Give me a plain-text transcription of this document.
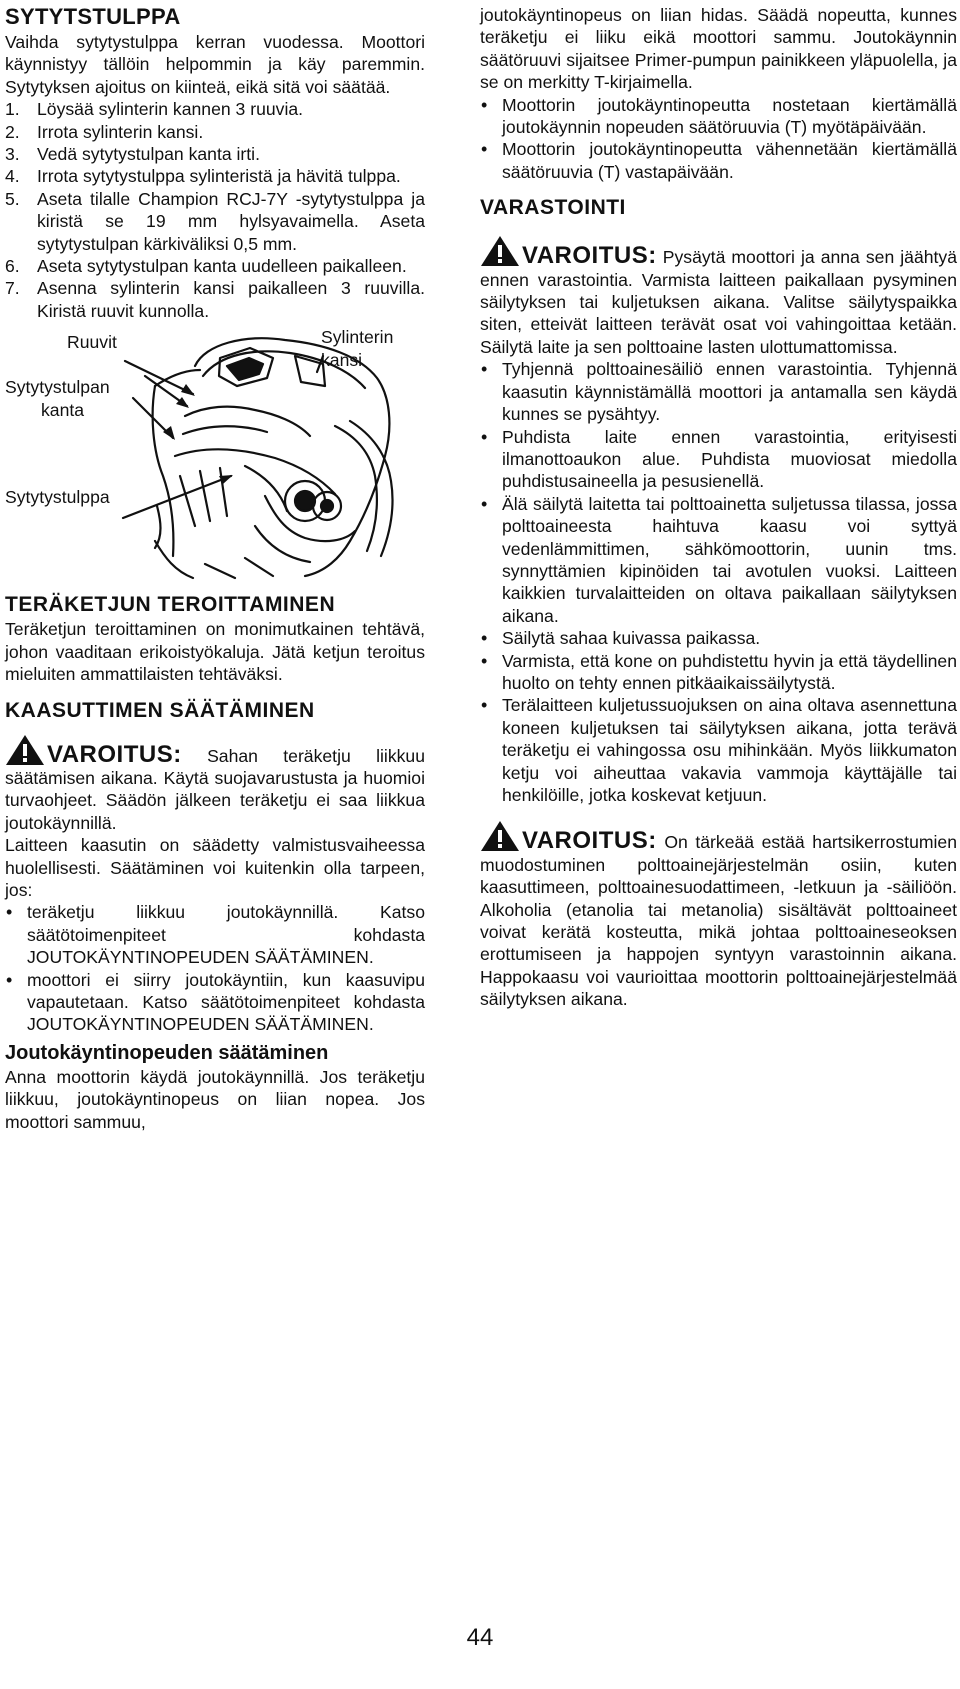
SYTYTSTULPPA

Vaihda sytytystulppa kerran vuodessa. Moottori käynnistyy tällöin helpommin ja käy paremmin. Sytytyksen ajoitus on kiinteä, eikä sitä voi säätää.

1. Löysää sylinterin kannen 3 ruuvia.
2. Irrota sylinterin kansi.
3. Vedä sytytystulpan kanta irti.
4. Irrota sytytystulppa sylinteristä ja hävitä tulppa.
5. Aseta tilalle Champion RCJ-7Y -sytytystulppa ja kiristä se 19 mm hylsyavaimella. Aseta sytytystulpan kärkiväliksi 0,5 mm.
6. Aseta sytytystulpan kanta uudelleen paikalleen.
7. Asenna sylinterin kansi paikalleen 3 ruuvilla. Kiristä ruuvit kunnolla.
Ruuvit	Sylinterin
kansi
Sytytystulpan
kanta
Sytytystulppa
TERÄKETJUN TEROITTAMINEN

Teräketjun teroittaminen on monimutkainen tehtävä, johon vaaditaan erikoistyökaluja. Jätä ketjun teroitus mieluiten ammattilaisten tehtäväksi.

KAASUTTIMEN SÄÄTÄMINEN

VAROITUS: Sahan teräketju liikkuu säätämisen aikana. Käytä suojavarustusta ja huomioi turvaohjeet. Säädön jälkeen teräketju ei saa liikkua joutokäynnillä.

Laitteen kaasutin on säädetty valmistusvaiheessa huolellisesti. Säätäminen voi kuitenkin olla tarpeen, jos:

• teräketju liikkuu joutokäynnillä. Katso säätötoimenpiteet kohdasta JOUTOKÄYNTINOPEUDEN SÄÄTÄMINEN.
• moottori ei siirry joutokäyntiin, kun kaasuvipu vapautetaan. Katso säätötoimenpiteet kohdasta JOUTOKÄYNTINOPEUDEN SÄÄTÄMINEN.
Joutokäyntinopeuden säätäminen

Anna moottorin käydä joutokäynnillä. Jos teräketju liikkuu, joutokäyntinopeus on liian nopea. Jos moottori sammuu,

joutokäyntinopeus on liian hidas. Säädä nopeutta, kunnes teräketju ei liiku eikä moottori sammu. Joutokäynnin säätöruuvi sijaitsee Primer-pumpun painikkeen yläpuolella, ja se on merkitty T-kirjaimella.

• Moottorin joutokäyntinopeutta nostetaan kiertämällä joutokäynnin nopeuden säätöruuvia (T) myötäpäivään.
• Moottorin joutokäyntinopeutta vähennetään kiertämällä säätöruuvia (T) vastapäivään.
VARASTOINTI

VAROITUS: Pysäytä moottori ja anna sen jäähtyä ennen varastointia. Varmista laitteen paikallaan pysyminen säilytyksen tai kuljetuksen aikana. Valitse säilytyspaikka siten, etteivät laitteen terävät osat voi vahingoittaa ketään. Säilytä laite ja sen polttoaine lasten ulottumattomissa.

• Tyhjennä polttoainesäiliö ennen varastointia. Tyhjennä kaasutin käynnistämällä moottori ja antamalla sen käydä kunnes se pysähtyy.
• Puhdista laite ennen varastointia, erityisesti ilmanottoaukon alue. Puhdista muoviosat miedolla puhdistusaineella ja pesusienellä.
• Älä säilytä laitetta tai polttoainetta suljetussa tilassa, jossa polttoaineesta haihtuva kaasu voi syttyä vedenlämmittimen, sähkömoottorin, uunin tms. synnyttämien kipinöiden tai avotulen vuoksi. Laitteen kaikkien turvalaitteiden on oltava paikallaan säilytyksen aikana.
• Säilytä sahaa kuivassa paikassa.
• Varmista, että kone on puhdistettu hyvin ja että täydellinen huolto on tehty ennen pitkäaikaissäilytystä.
• Terälaitteen kuljetussuojuksen on aina oltava asennettuna koneen kuljetuksen tai säilytyksen aikana, jotta terävä teräketju ei vahingossa osu mihinkään. Myös liikkumaton ketju voi aiheuttaa vakavia vammoja käyttäjälle tai henkilöille, jotka koskevat ketjuun.

VAROITUS: On tärkeää estää hartsikerrostumien muodostuminen polttoainejärjestelmän osiin, kuten kaasuttimeen, polttoainesuodattimeen, -letkuun ja -säiliöön. Alkoholia (etanolia tai metanolia) sisältävät polttoaineet voivat kerätä kosteutta, mikä johtaa polttoaineseoksen erottumiseen ja happojen syntyyn varastoinnin aikana. Happokaasu voi vaurioittaa moottorin polttoainejärjestelmää säilytyksen aikana.

44
